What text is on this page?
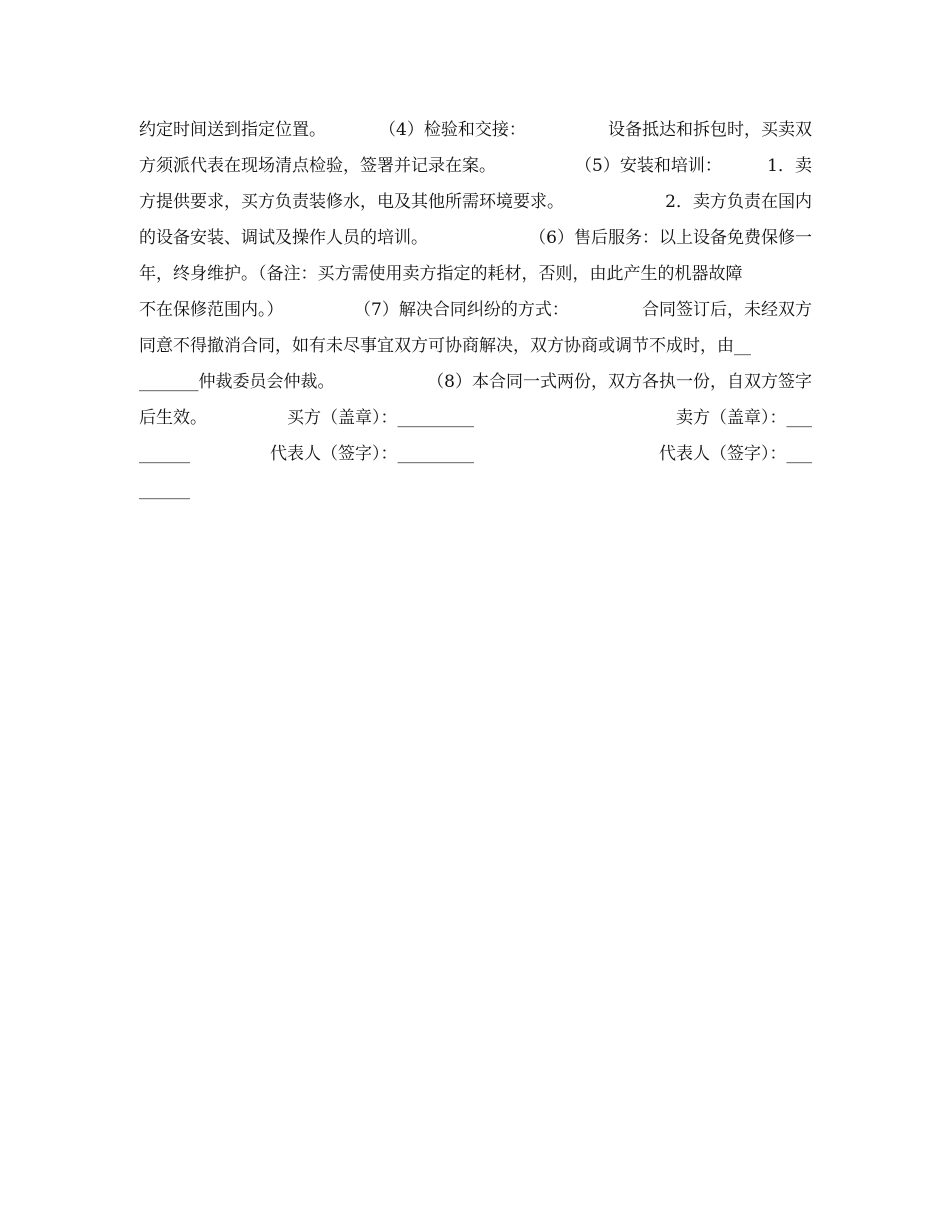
约定时间送到指定位置。	（4）检验和交接：	设备抵达和拆包时，买卖双
方须派代表在现场清点检验，签署并记录在案。	（5）安装和培训：	1．卖
方提供要求，买方负责装修水，电及其他所需环境要求。	2．卖方负责在国内
的设备安装、调试及操作人员的培训。	（6）售后服务：以上设备免费保修一
年，终身维护。（备注：买方需使用卖方指定的耗材，否则，由此产生的机器故障
不在保修范围内。）	（7）解决合同纠纷的方式：	合同签订后，未经双方
同意不得撤消合同，如有未尽事宜双方可协商解决，双方协商或调节不成时，由__
_______仲裁委员会仲裁。	（8）本合同一式两份，双方各执一份，自双方签字
后生效。	买方（盖章）：_________	卖方（盖章）：___
______	代表人（签字）：_________	代表人（签字）：___
______
